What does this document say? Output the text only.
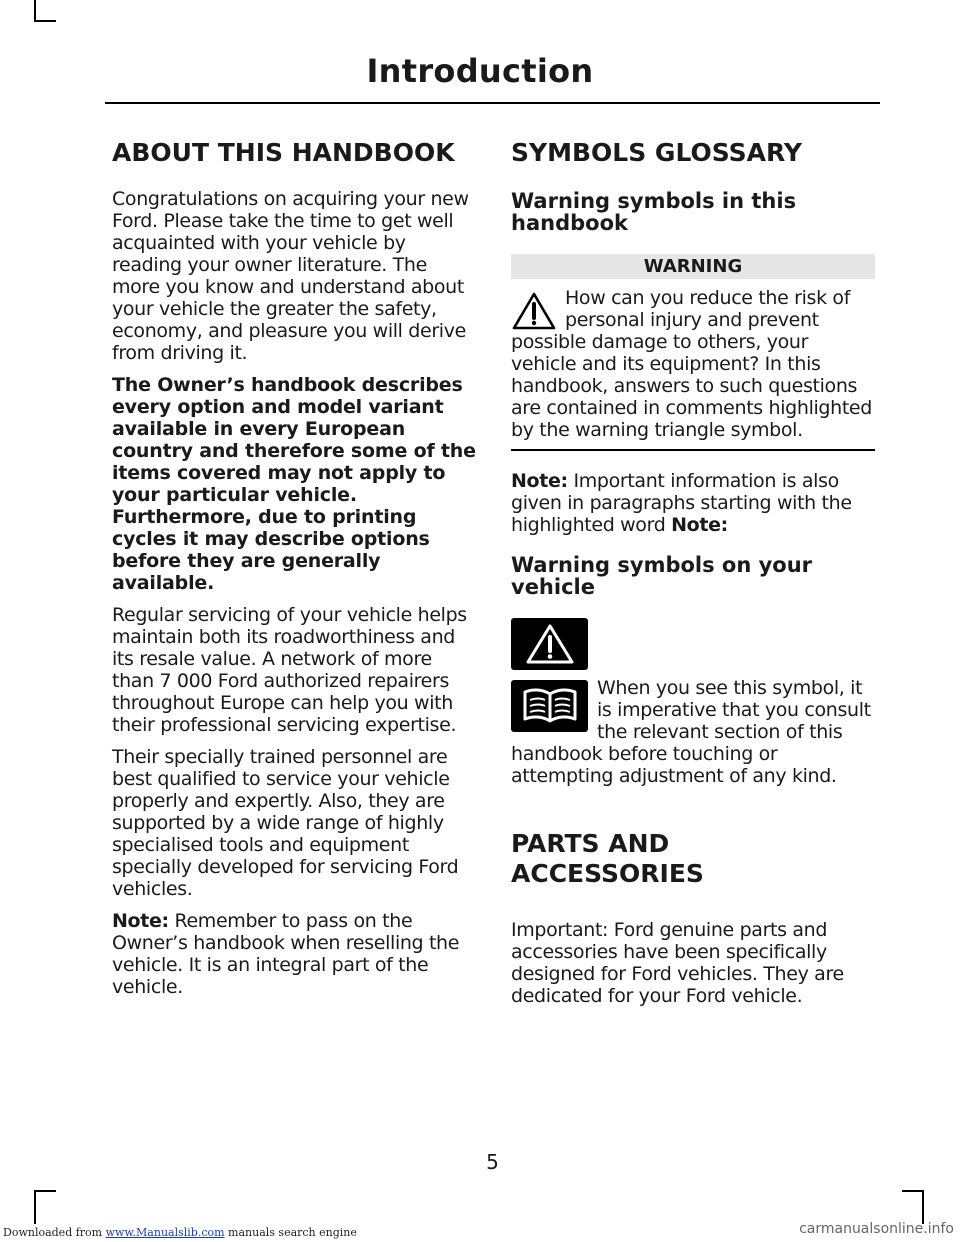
Introduction
ABOUT THIS HANDBOOK

Congratulations on acquiring your new Ford. Please take the time to get well acquainted with your vehicle by reading your owner literature. The more you know and understand about your vehicle the greater the safety, economy, and pleasure you will derive from driving it.

The Owner’s handbook describes every option and model variant available in every European country and therefore some of the items covered may not apply to your particular vehicle. Furthermore, due to printing cycles it may describe options before they are generally available.

Regular servicing of your vehicle helps maintain both its roadworthiness and its resale value. A network of more than 7 000 Ford authorized repairers throughout Europe can help you with their professional servicing expertise.

Their specially trained personnel are best qualified to service your vehicle properly and expertly. Also, they are supported by a wide range of highly specialised tools and equipment specially developed for servicing Ford vehicles.

Note: Remember to pass on the Owner’s handbook when reselling the vehicle. It is an integral part of the vehicle.

SYMBOLS GLOSSARY
Warning symbols in this handbook
WARNING

How can you reduce the risk of personal injury and prevent possible damage to others, your vehicle and its equipment? In this handbook, answers to such questions are contained in comments highlighted by the warning triangle symbol.

Note: Important information is also given in paragraphs starting with the highlighted word Note:

Warning symbols on your vehicle

When you see this symbol, it is imperative that you consult the relevant section of this handbook before touching or attempting adjustment of any kind.

PARTS AND
ACCESSORIES

Important: Ford genuine parts and accessories have been specifically designed for Ford vehicles. They are dedicated for your Ford vehicle.

5
Downloaded from www.Manualslib.com manuals search engine	carmanualsonline.info
